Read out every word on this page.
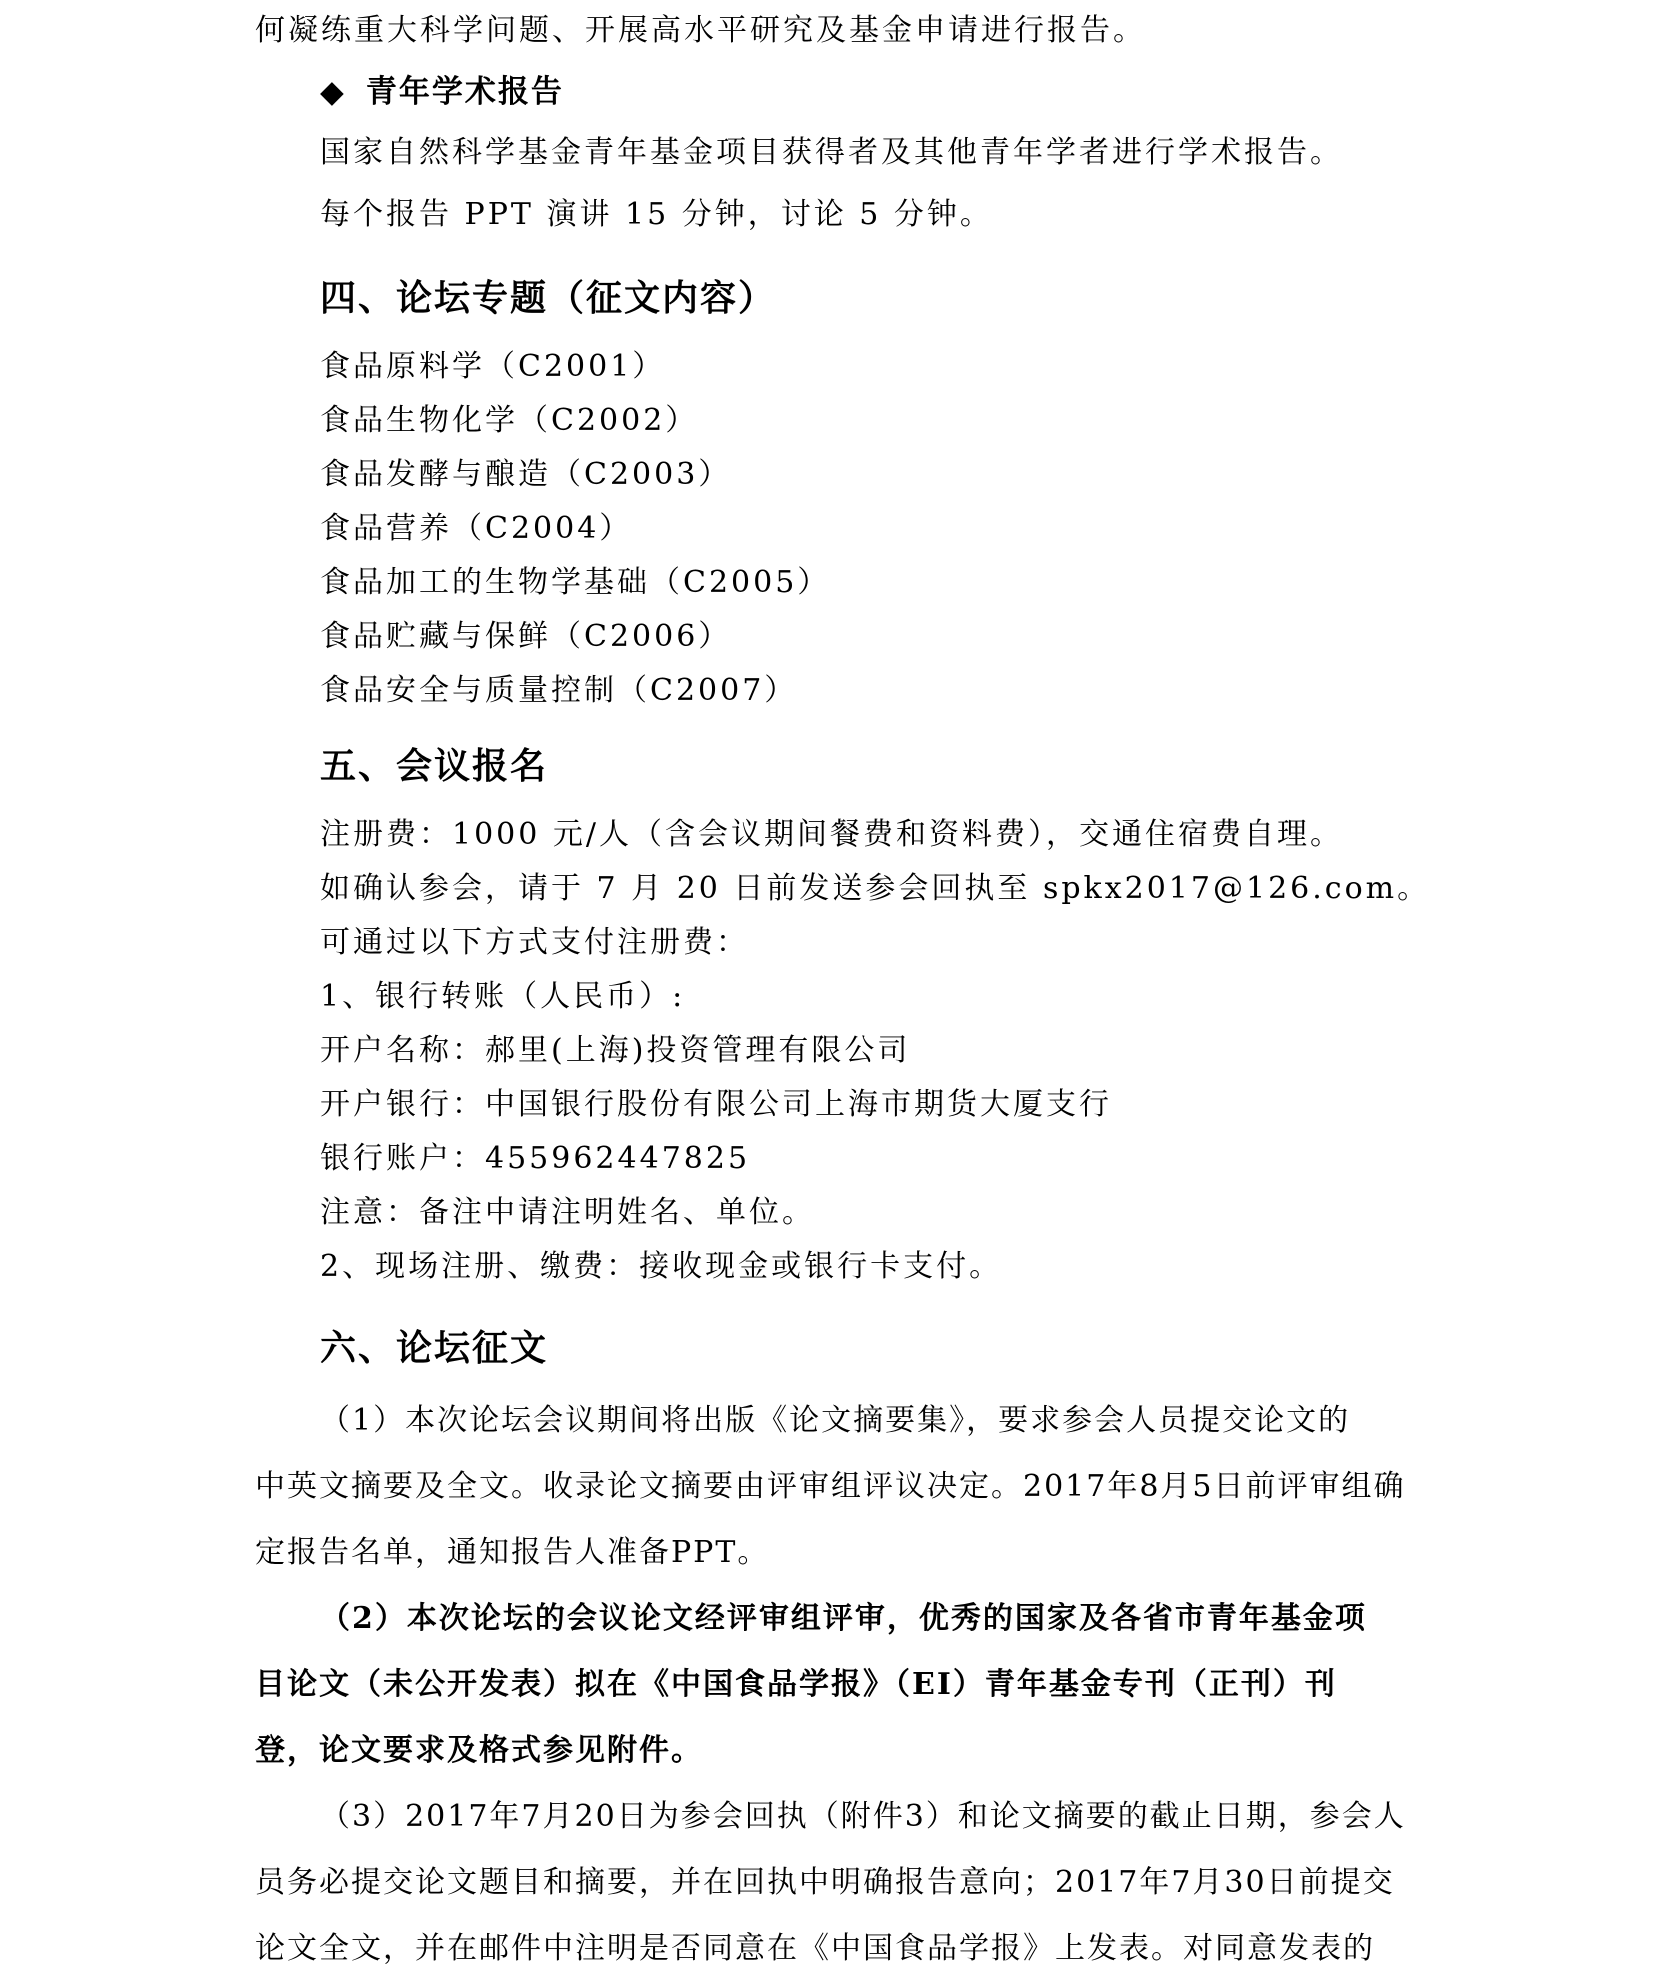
何凝练重大科学问题、开展高水平研究及基金申请进行报告。
◆ 青年学术报告
国家自然科学基金青年基金项目获得者及其他青年学者进行学术报告。
每个报告 PPT 演讲 15 分钟，讨论 5 分钟。
四、论坛专题（征文内容）
食品原料学（C2001）
食品生物化学（C2002）
食品发酵与酿造（C2003）
食品营养（C2004）
食品加工的生物学基础（C2005）
食品贮藏与保鲜（C2006）
食品安全与质量控制（C2007）
五、会议报名
注册费：1000 元/人（含会议期间餐费和资料费），交通住宿费自理。
如确认参会，请于 7 月 20 日前发送参会回执至 spkx2017@126.com。
可通过以下方式支付注册费：
1、银行转账（人民币）:
开户名称：郝里(上海)投资管理有限公司
开户银行：中国银行股份有限公司上海市期货大厦支行
银行账户：455962447825
注意：备注中请注明姓名、单位。
2、现场注册、缴费：接收现金或银行卡支付。
六、论坛征文
（1）本次论坛会议期间将出版《论文摘要集》，要求参会人员提交论文的
中英文摘要及全文。收录论文摘要由评审组评议决定。2017年8月5日前评审组确
定报告名单，通知报告人准备PPT。
（2）本次论坛的会议论文经评审组评审，优秀的国家及各省市青年基金项
目论文（未公开发表）拟在《中国食品学报》（EI）青年基金专刊（正刊）刊
登，论文要求及格式参见附件。
（3）2017年7月20日为参会回执（附件3）和论文摘要的截止日期，参会人
员务必提交论文题目和摘要，并在回执中明确报告意向；2017年7月30日前提交
论文全文，并在邮件中注明是否同意在《中国食品学报》上发表。对同意发表的
